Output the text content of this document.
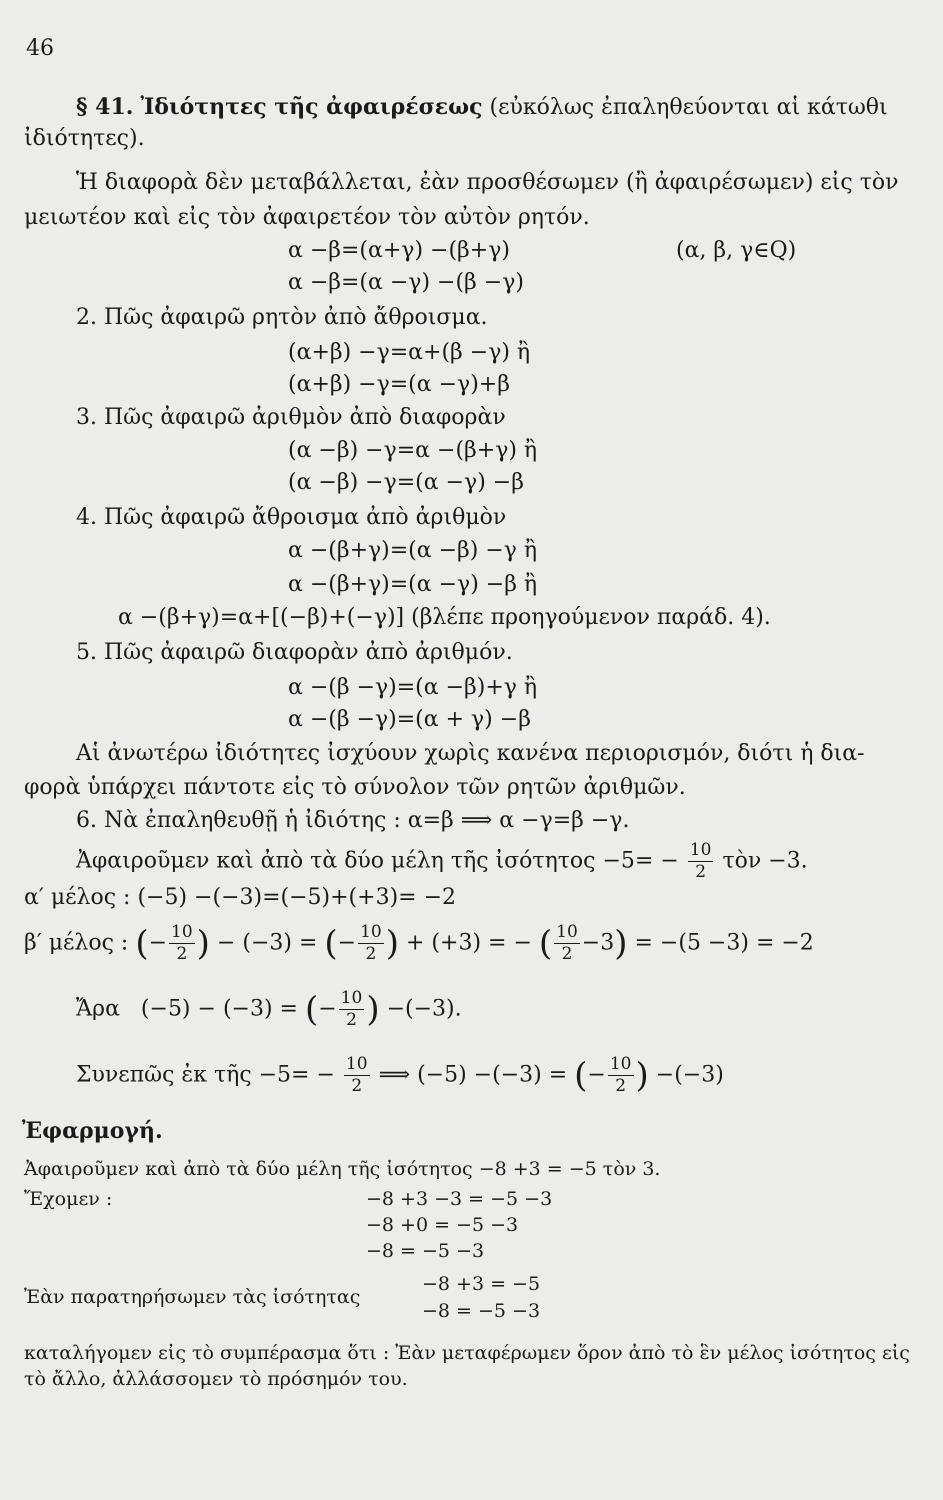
46
§ 41. Ἰδιότητες τῆς ἀφαιρέσεως (εὐκόλως ἐπαληθεύονται αἱ κάτωθι
ἰδιότητες).
Ἡ διαφορὰ δὲν μεταβάλλεται, ἐὰν προσθέσωμεν (ἢ ἀφαιρέσωμεν) εἰς τὸν
μειωτέον καὶ εἰς τὸν ἀφαιρετέον τὸν αὐτὸν ρητόν.
α −β=(α+γ) −(β+γ)	(α, β, γ∈Q)
α −β=(α −γ) −(β −γ)
2. Πῶς ἀφαιρῶ ρητὸν ἀπὸ ἄθροισμα.
(α+β) −γ=α+(β −γ) ἢ
(α+β) −γ=(α −γ)+β
3. Πῶς ἀφαιρῶ ἀριθμὸν ἀπὸ διαφορὰν
(α −β) −γ=α −(β+γ) ἢ
(α −β) −γ=(α −γ) −β
4. Πῶς ἀφαιρῶ ἄθροισμα ἀπὸ ἀριθμὸν
α −(β+γ)=(α −β) −γ ἢ
α −(β+γ)=(α −γ) −β ἢ
α −(β+γ)=α+[(−β)+(−γ)] (βλέπε προηγούμενον παράδ. 4).
5. Πῶς ἀφαιρῶ διαφορὰν ἀπὸ ἀριθμόν.
α −(β −γ)=(α −β)+γ ἢ
α −(β −γ)=(α + γ) −β
Αἱ ἀνωτέρω ἰδιότητες ἰσχύουν χωρὶς κανένα περιορισμόν, διότι ἡ δια-
φορὰ ὑπάρχει πάντοτε εἰς τὸ σύνολον τῶν ρητῶν ἀριθμῶν.
6. Νὰ ἐπαληθευθῇ ἡ ἰδιότης : α=β ⟹ α −γ=β −γ.
Ἀφαιροῦμεν καὶ ἀπὸ τὰ δύο μέλη τῆς ἰσότητος $-5= - \frac{10}{2}$ τὸν −3.
α′ μέλος : (−5) −(−3)=(−5)+(+3)= −2
β′ μέλος : (− $\frac{10}{2}$ ) − (−3) = (− $\frac{10}{2}$ ) + (+3) = − ( $\frac{10}{2} -3) = -(5 -3) = -2$
Ἄρα (−5) − (−3) = (− $\frac{10}{2}$ ) −(−3).
Συνεπῶς ἐκ τῆς $-5= - \frac{10}{2}$ ⟹ (−5) −(−3) = (− $\frac{10}{2}$ ) −(−3)
Ἐφαρμογή.
Ἀφαιροῦμεν καὶ ἀπὸ τὰ δύο μέλη τῆς ἰσότητος −8 +3 = −5 τὸν 3.
Ἔχομεν :	−8 +3 −3 = −5 −3
−8 +0 = −5 −3
−8 = −5 −3
Ἐὰν παρατηρήσωμεν τὰς ἰσότητας
−8 +3 = −5
−8 = −5 −3
καταλήγομεν εἰς τὸ συμπέρασμα ὅτι : Ἐὰν μεταφέρωμεν ὅρον ἀπὸ τὸ ἓν μέλος ἰσότητος εἰς
τὸ ἄλλο, ἀλλάσσομεν τὸ πρόσημόν του.
